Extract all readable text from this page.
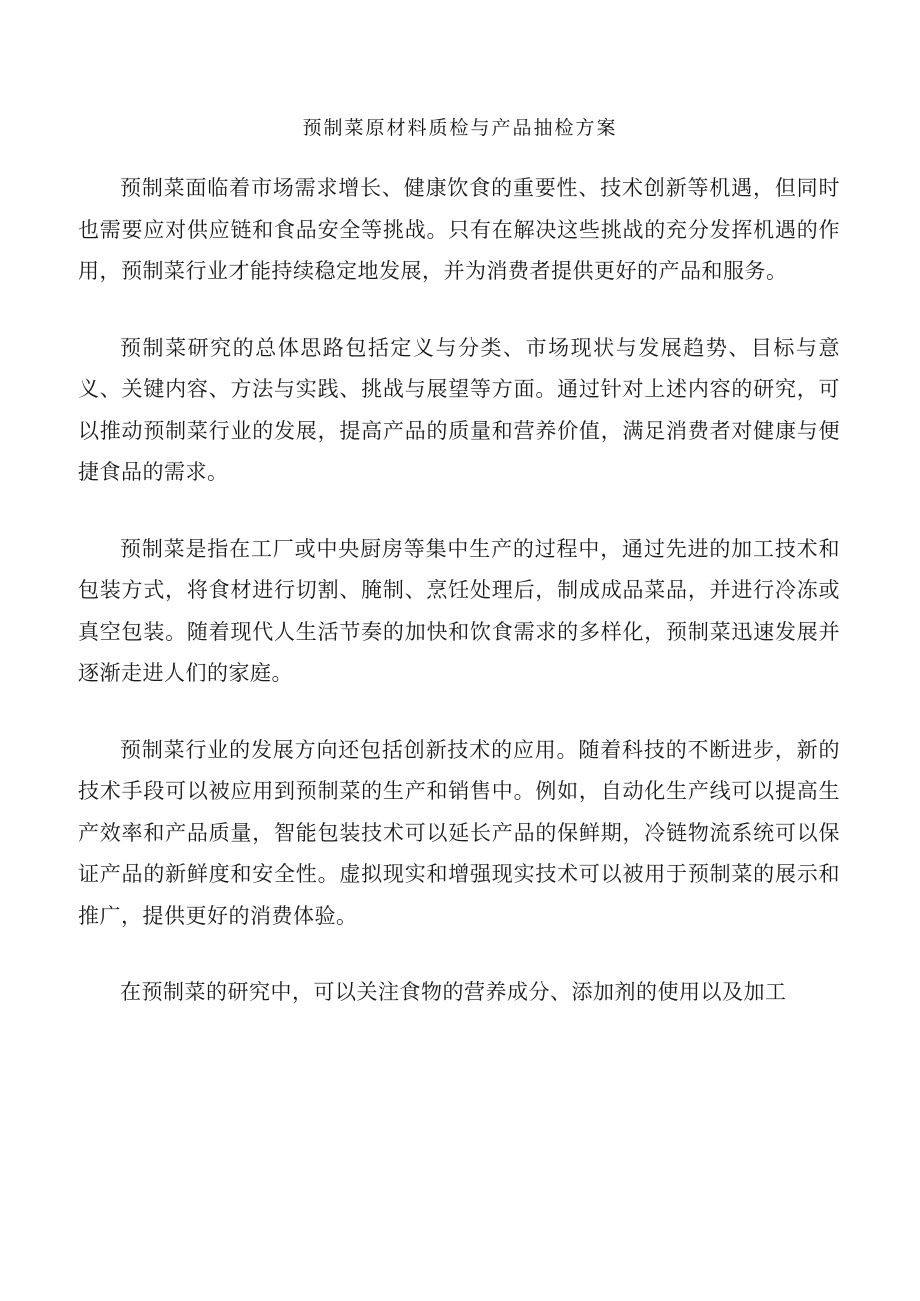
预制菜原材料质检与产品抽检方案

预制菜面临着市场需求增长、健康饮食的重要性、技术创新等机遇，但同时也需要应对供应链和食品安全等挑战。只有在解决这些挑战的充分发挥机遇的作用，预制菜行业才能持续稳定地发展，并为消费者提供更好的产品和服务。

预制菜研究的总体思路包括定义与分类、市场现状与发展趋势、目标与意义、关键内容、方法与实践、挑战与展望等方面。通过针对上述内容的研究，可以推动预制菜行业的发展，提高产品的质量和营养价值，满足消费者对健康与便捷食品的需求。

预制菜是指在工厂或中央厨房等集中生产的过程中，通过先进的加工技术和包装方式，将食材进行切割、腌制、烹饪处理后，制成成品菜品，并进行冷冻或真空包装。随着现代人生活节奏的加快和饮食需求的多样化，预制菜迅速发展并逐渐走进人们的家庭。

预制菜行业的发展方向还包括创新技术的应用。随着科技的不断进步，新的技术手段可以被应用到预制菜的生产和销售中。例如，自动化生产线可以提高生产效率和产品质量，智能包装技术可以延长产品的保鲜期，冷链物流系统可以保证产品的新鲜度和安全性。虚拟现实和增强现实技术可以被用于预制菜的展示和推广，提供更好的消费体验。

在预制菜的研究中，可以关注食物的营养成分、添加剂的使用以及加工
